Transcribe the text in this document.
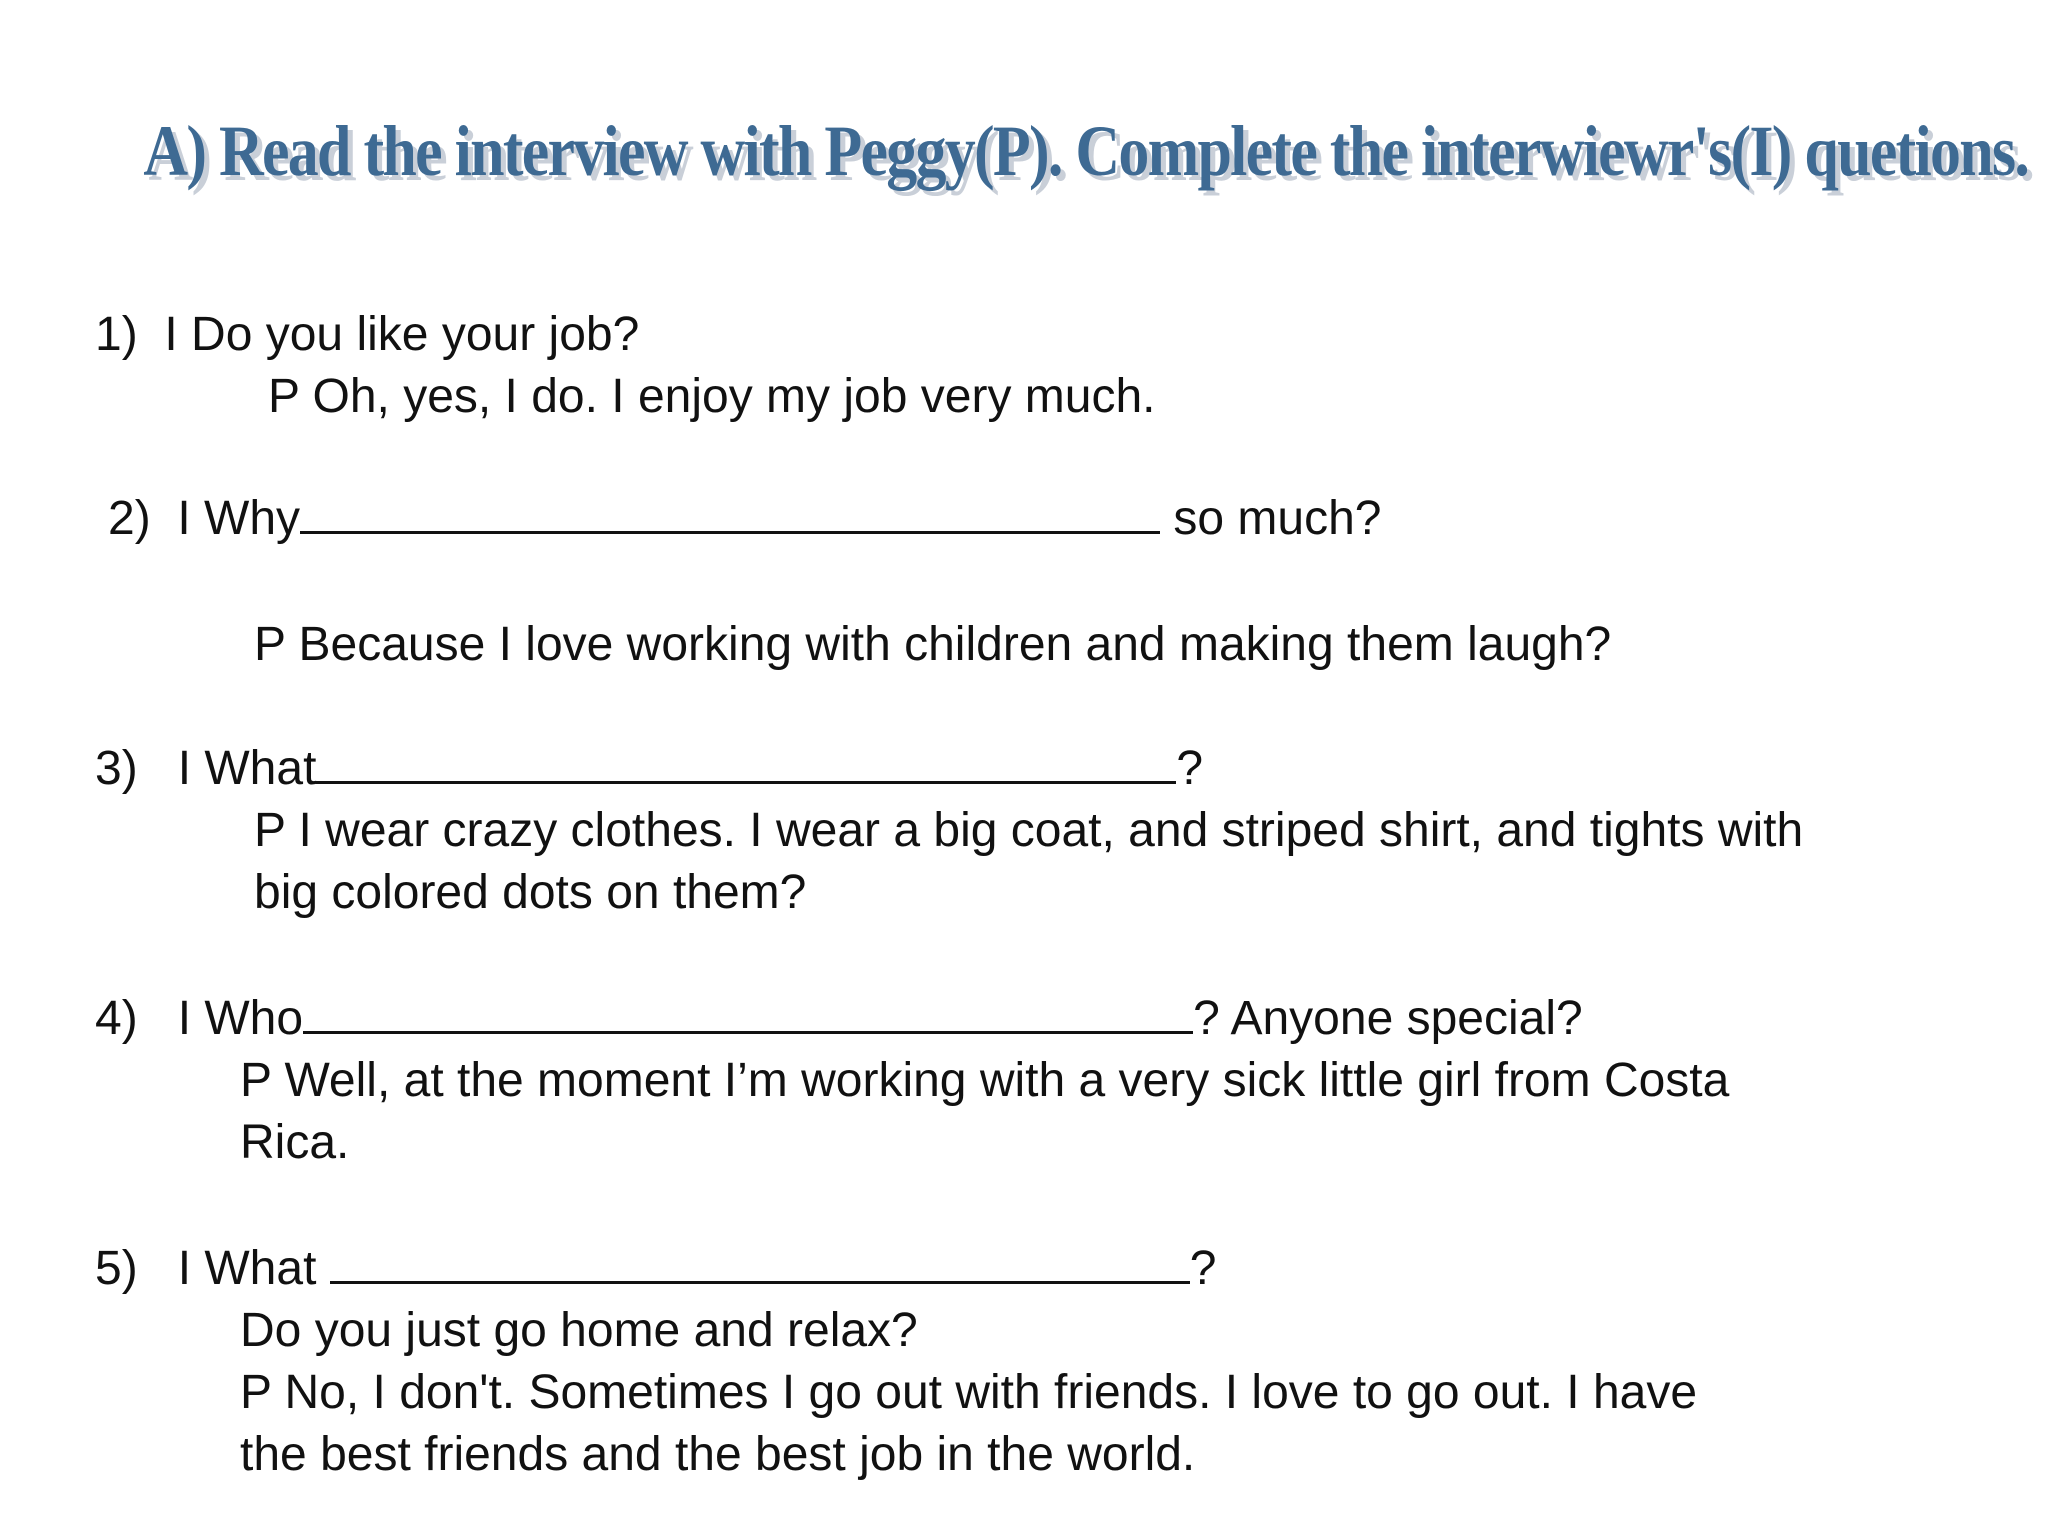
A) Read the interview with Peggy(P). Complete the interwiewr's(I) quetions.
1) I Do you like your job?
P Oh, yes, I do. I enjoy my job very much.
2) I Why	so much?
P Because I love working with children and making them laugh?
3) I What	?
P I wear crazy clothes. I wear a big coat, and striped shirt, and tights with
big colored dots on them?
4) I Who	? Anyone special?
P Well, at the moment I’m working with a very sick little girl from Costa
Rica.
5) I What	?
Do you just go home and relax?
P No, I don't. Sometimes I go out with friends. I love to go out. I have
the best friends and the best job in the world.
